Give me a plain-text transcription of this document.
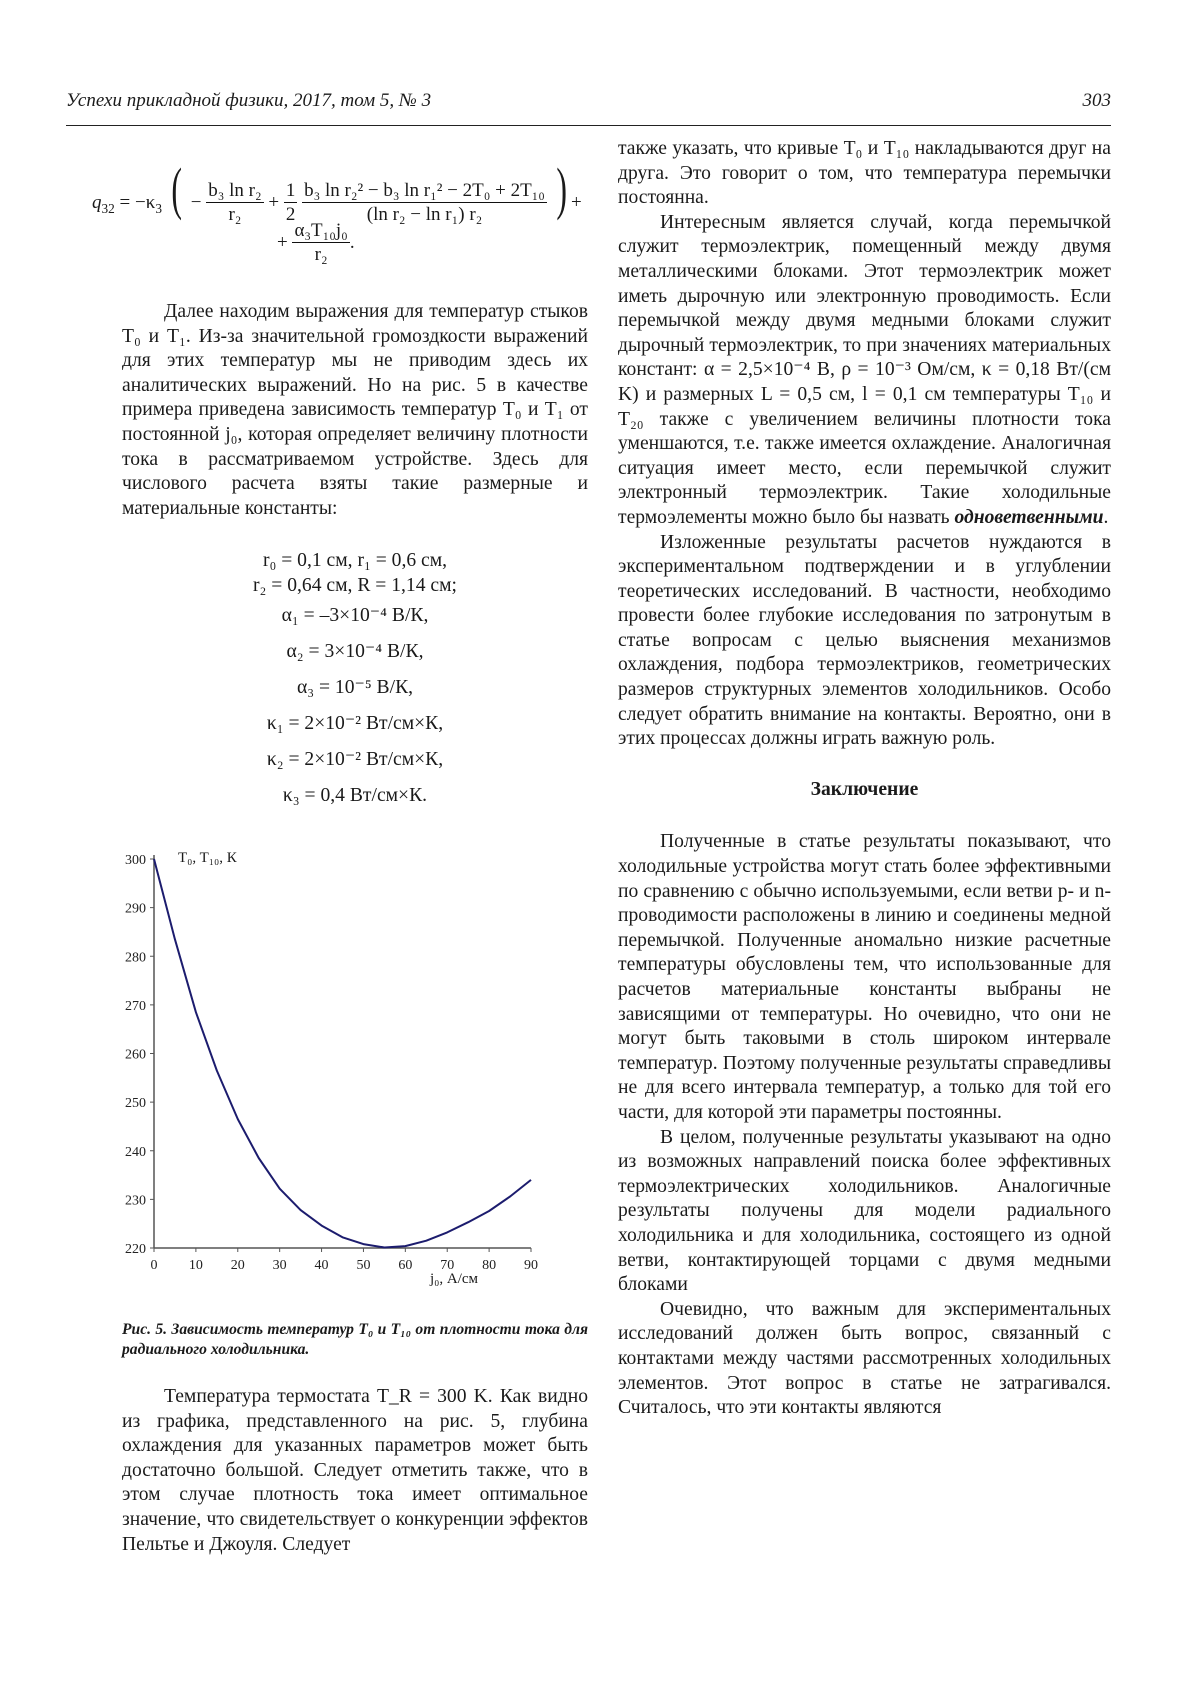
Успехи прикладной физики, 2017, том 5, № 3	303
$q_{32} = -\kappa_3$ ( − $\frac{\text{b₃ ln r₂}}{\text{r₂}} + \frac{1}{2}$
$\frac{\text{b₃ ln r₂² − b₃ ln r₁² − 2T₀ + 2T₁₀}}{\text{(ln r₂ − ln r₁) r₂}}$ ) +
+ $\frac{\text{α₃T₁₀j₀}}{\text{r₂}}$ .

Далее находим выражения для температур стыков T₀ и T₁. Из-за значительной громоздкости выражений для этих температур мы не приводим здесь их аналитических выражений. Но на рис. 5 в качестве примера приведена зависимость температур T₀ и T₁ от постоянной j₀, которая определяет величину плотности тока в рассматриваемом устройстве. Здесь для числового расчета взяты такие размерные и материальные константы:

r₀ = 0,1 см, r₁ = 0,6 см,
r₂ = 0,64 см, R = 1,14 см;
α₁ = –3×10⁻⁴ В/К,
α₂ = 3×10⁻⁴ В/К,
α₃ = 10⁻⁵ В/К,
κ₁ = 2×10⁻² Вт/см×К,
κ₂ = 2×10⁻² Вт/см×К,
κ₃ = 0,4 Вт/см×К.
220
230
240
250
260
270
280
290
300
0 10 20 30 40 50 60 70 80 90
T₀, T₁₀, К
j₀, А/см
Рис. 5. Зависимость температур T₀ и T₁₀ от плотности тока для радиального холодильника.

Температура термостата T_R = 300 K. Как видно из графика, представленного на рис. 5, глубина охлаждения для указанных параметров может быть достаточно большой. Следует отметить также, что в этом случае плотность тока имеет оптимальное значение, что свидетельствует о конкуренции эффектов Пельтье и Джоуля. Следует

также указать, что кривые T₀ и T₁₀ накладываются друг на друга. Это говорит о том, что температура перемычки постоянна.

Интересным является случай, когда перемычкой служит термоэлектрик, помещенный между двумя металлическими блоками. Этот термоэлектрик может иметь дырочную или электронную проводимость. Если перемычкой между двумя медными блоками служит дырочный термоэлектрик, то при значениях материальных констант: α = 2,5×10⁻⁴ В, ρ = 10⁻³ Ом/см, κ = 0,18 Вт/(см K) и размерных L = 0,5 см, l = 0,1 см температуры T₁₀ и T₂₀ также с увеличением величины плотности тока уменшаются, т.е. также имеется охлаждение. Аналогичная ситуация имеет место, если перемычкой служит электронный термоэлектрик. Такие холодильные термоэлементы можно было бы назвать одноветвенными.

Изложенные результаты расчетов нуждаются в экспериментальном подтверждении и в углублении теоретических исследований. В частности, необходимо провести более глубокие исследования по затронутым в статье вопросам с целью выяснения механизмов охлаждения, подбора термоэлектриков, геометрических размеров структурных элементов холодильников. Особо следует обратить внимание на контакты. Вероятно, они в этих процессах должны играть важную роль.

Заключение

Полученные в статье результаты показывают, что холодильные устройства могут стать более эффективными по сравнению с обычно используемыми, если ветви p- и n-проводимости расположены в линию и соединены медной перемычкой. Полученные аномально низкие расчетные температуры обусловлены тем, что использованные для расчетов материальные константы выбраны не зависящими от температуры. Но очевидно, что они не могут быть таковыми в столь широком интервале температур. Поэтому полученные результаты справедливы не для всего интервала температур, а только для той его части, для которой эти параметры постоянны.

В целом, полученные результаты указывают на одно из возможных направлений поиска более эффективных термоэлектрических холодильников. Аналогичные результаты получены для модели радиального холодильника и для холодильника, состоящего из одной ветви, контактирующей торцами с двумя медными блоками

Очевидно, что важным для экспериментальных исследований должен быть вопрос, связанный с контактами между частями рассмотренных холодильных элементов. Этот вопрос в статье не затрагивался. Считалось, что эти контакты являются
